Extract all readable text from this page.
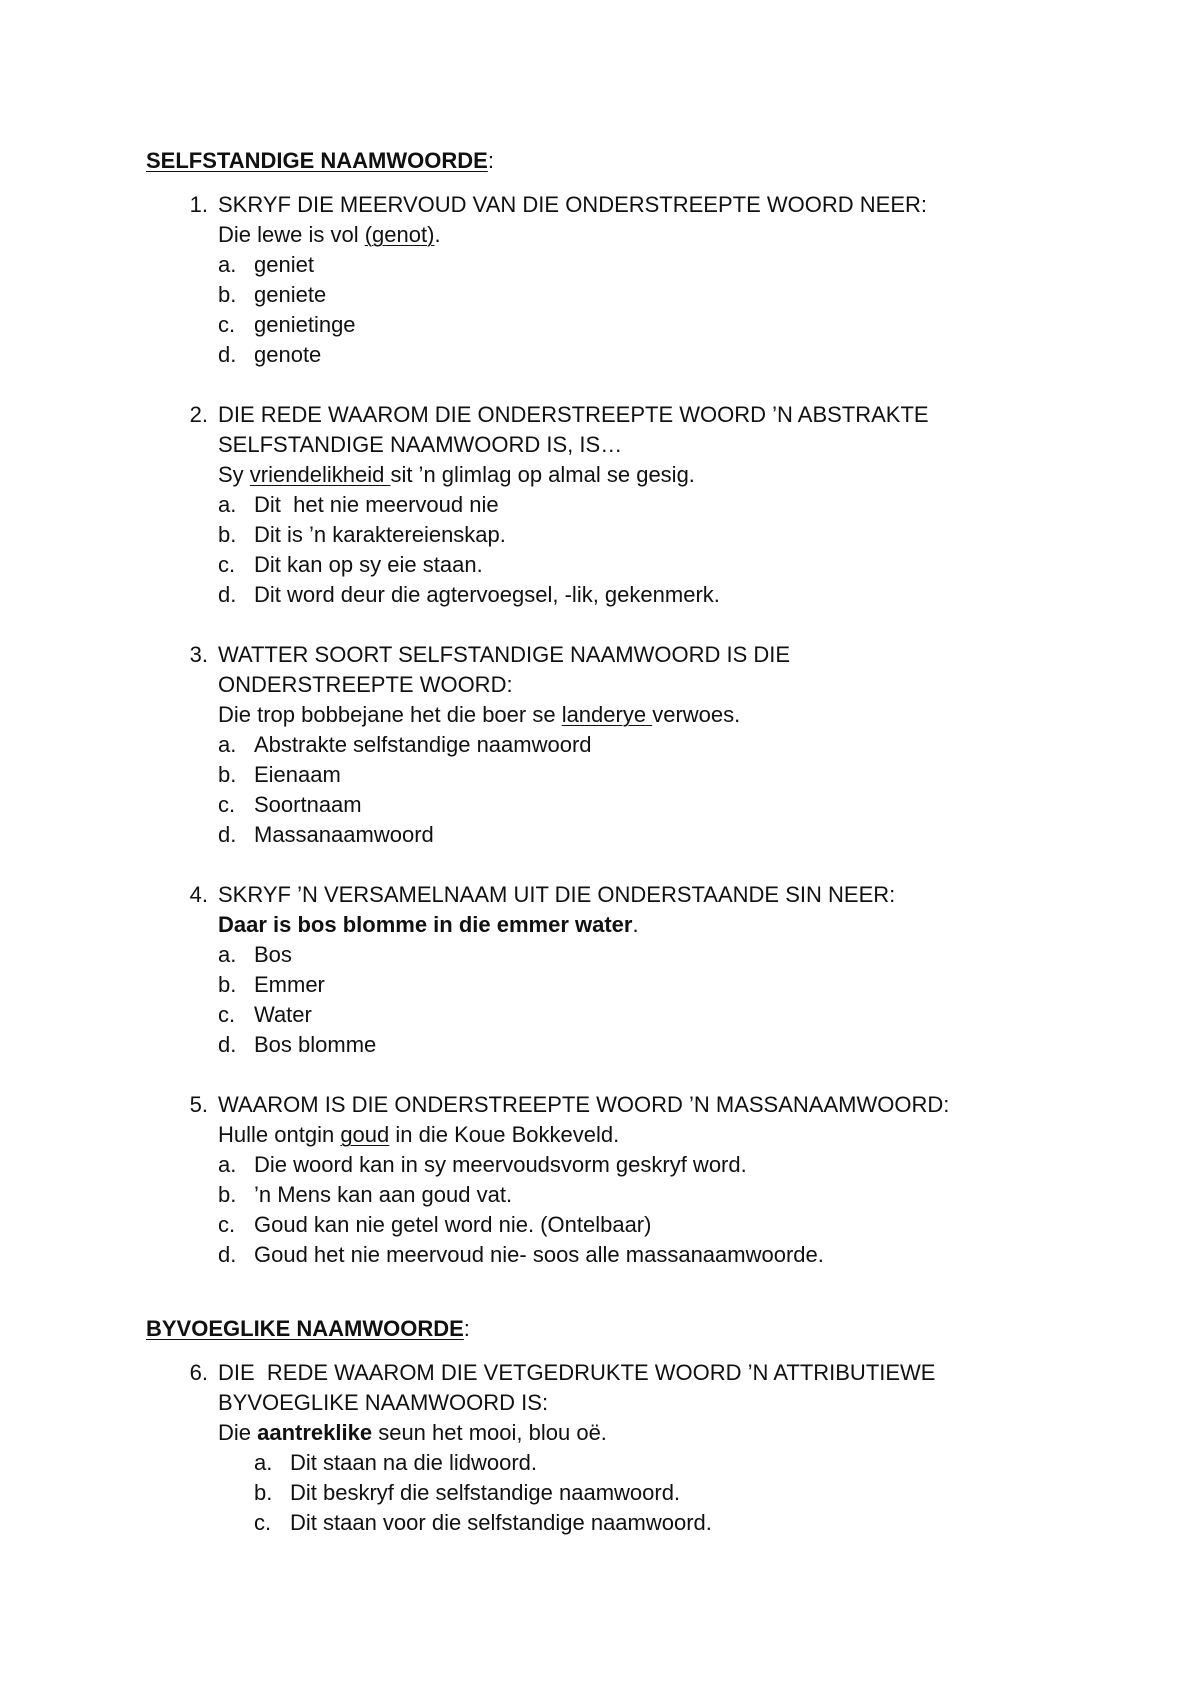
SELFSTANDIGE NAAMWOORDE:
1. SKRYF DIE MEERVOUD VAN DIE ONDERSTREEPTE WOORD NEER:
Die lewe is vol (genot).
a. geniet
b. geniete
c. genietinge
d. genote
2. DIE REDE WAAROM DIE ONDERSTREEPTE WOORD ’N ABSTRAKTE
SELFSTANDIGE NAAMWOORD IS, IS…
Sy vriendelikheid sit ’n glimlag op almal se gesig.
a. Dit  het nie meervoud nie
b. Dit is ’n karaktereienskap.
c. Dit kan op sy eie staan.
d. Dit word deur die agtervoegsel, -lik, gekenmerk.
3. WATTER SOORT SELFSTANDIGE NAAMWOORD IS DIE
ONDERSTREEPTE WOORD:
Die trop bobbejane het die boer se landerye verwoes.
a. Abstrakte selfstandige naamwoord
b. Eienaam
c. Soortnaam
d. Massanaamwoord
4. SKRYF ’N VERSAMELNAAM UIT DIE ONDERSTAANDE SIN NEER:
Daar is bos blomme in die emmer water.
a. Bos
b. Emmer
c. Water
d. Bos blomme
5. WAAROM IS DIE ONDERSTREEPTE WOORD ’N MASSANAAMWOORD:
Hulle ontgin goud in die Koue Bokkeveld.
a. Die woord kan in sy meervoudsvorm geskryf word.
b. ’n Mens kan aan goud vat.
c. Goud kan nie getel word nie. (Ontelbaar)
d. Goud het nie meervoud nie- soos alle massanaamwoorde.
BYVOEGLIKE NAAMWOORDE:
6. DIE  REDE WAAROM DIE VETGEDRUKTE WOORD ’N ATTRIBUTIEWE
BYVOEGLIKE NAAMWOORD IS:
Die aantreklike seun het mooi, blou oë.
a. Dit staan na die lidwoord.
b. Dit beskryf die selfstandige naamwoord.
c. Dit staan voor die selfstandige naamwoord.
